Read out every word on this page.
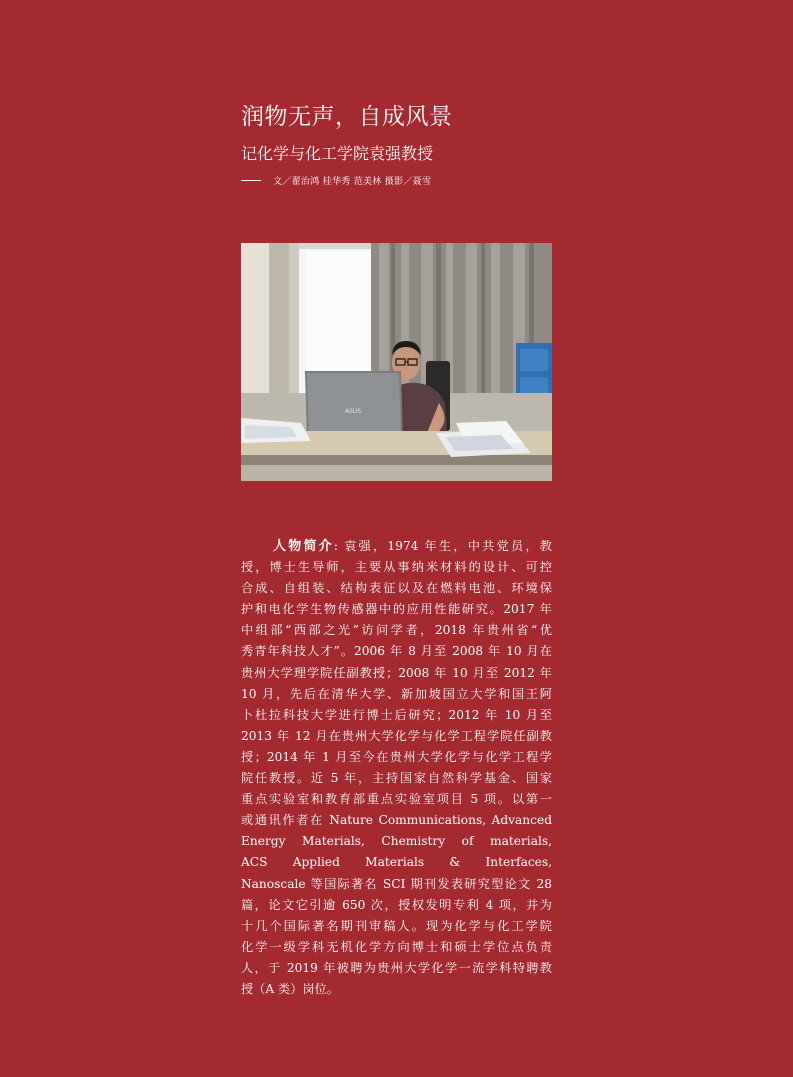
润物无声，自成风景
记化学与化工学院袁强教授
文／翟治鸿 桂华秀 范美林 摄影／聂雪
ASUS
人物简介: 袁强，1974 年生，中共党员，教
授，博士生导师，主要从事纳米材料的设计、可控
合成、自组装、结构表征以及在燃料电池、环境保
护和电化学生物传感器中的应用性能研究。2017 年
中组部“西部之光”访问学者，2018 年贵州省“优
秀青年科技人才”。2006 年 8 月至 2008 年 10 月在
贵州大学理学院任副教授；2008 年 10 月至 2012 年
10 月，先后在清华大学、新加坡国立大学和国王阿
卜杜拉科技大学进行博士后研究；2012 年 10 月至
2013 年 12 月在贵州大学化学与化学工程学院任副教
授；2014 年 1 月至今在贵州大学化学与化学工程学
院任教授。近 5 年，主持国家自然科学基金、国家
重点实验室和教育部重点实验室项目 5 项。以第一
或通讯作者在 Nature Communications, Advanced
Energy Materials, Chemistry of materials,
ACS Applied Materials & Interfaces,
Nanoscale 等国际著名 SCI 期刊发表研究型论文 28
篇，论文它引逾 650 次，授权发明专利 4 项，并为
十几个国际著名期刊审稿人。现为化学与化工学院
化学一级学科无机化学方向博士和硕士学位点负责
人，于 2019 年被聘为贵州大学化学一流学科特聘教
授（A 类）岗位。
